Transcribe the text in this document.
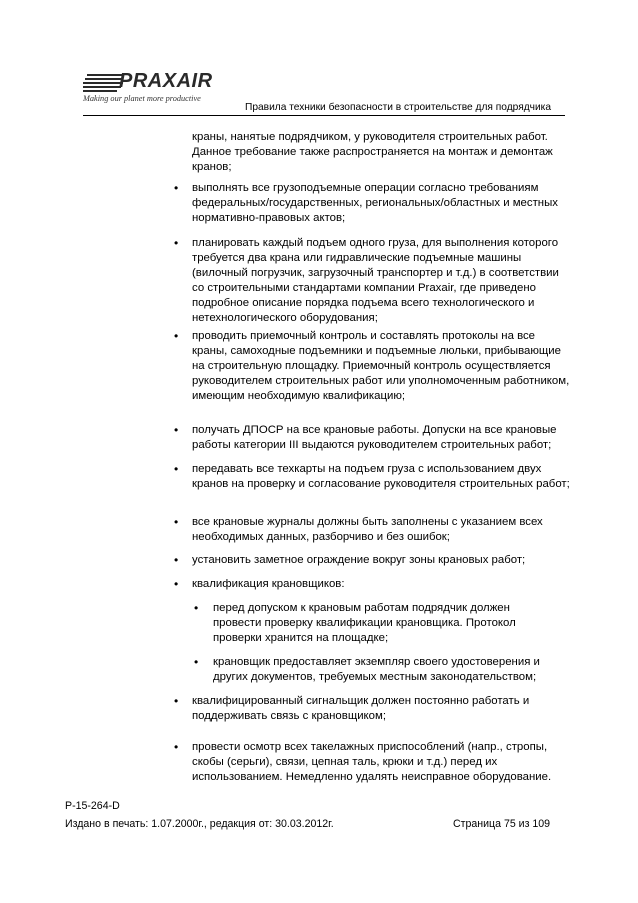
PRAXAIR
Making our planet more productive
Правила техники безопасности в строительстве для подрядчика
краны, нанятые подрядчиком, у руководителя строительных работ. Данное требование также распространяется на монтаж и демонтаж кранов;
• выполнять все грузоподъемные операции согласно требованиям федеральных/государственных, региональных/областных и местных нормативно-правовых актов;
• планировать каждый подъем одного груза, для выполнения которого требуется два крана или гидравлические подъемные машины (вилочный погрузчик, загрузочный транспортер и т.д.) в соответствии со строительными стандартами компании Praxair, где приведено подробное описание порядка подъема всего технологического и нетехнологического оборудования;
• проводить приемочный контроль и составлять протоколы на все краны, самоходные подъемники и подъемные люльки, прибывающие на строительную площадку. Приемочный контроль осуществляется руководителем строительных работ или уполномоченным работником, имеющим необходимую квалификацию;
• получать ДПОСР на все крановые работы. Допуски на все крановые работы категории III выдаются руководителем строительных работ;
• передавать все техкарты на подъем груза с использованием двух кранов на проверку и согласование руководителя строительных работ;
• все крановые журналы должны быть заполнены с указанием всех необходимых данных, разборчиво и без ошибок;
• установить заметное ограждение вокруг зоны крановых работ;
• квалификация крановщиков:
• перед допуском к крановым работам подрядчик должен провести проверку квалификации крановщика. Протокол проверки хранится на площадке;
• крановщик предоставляет экземпляр своего удостоверения и других документов, требуемых местным законодательством;
• квалифицированный сигнальщик должен постоянно работать и поддерживать связь с крановщиком;
• провести осмотр всех такелажных приспособлений (напр., стропы, скобы (серьги), связи, цепная таль, крюки и т.д.) перед их использованием. Немедленно удалять неисправное оборудование.
P-15-264-D
Издано в печать: 1.07.2000г., редакция от: 30.03.2012г.	Страница 75 из 109
